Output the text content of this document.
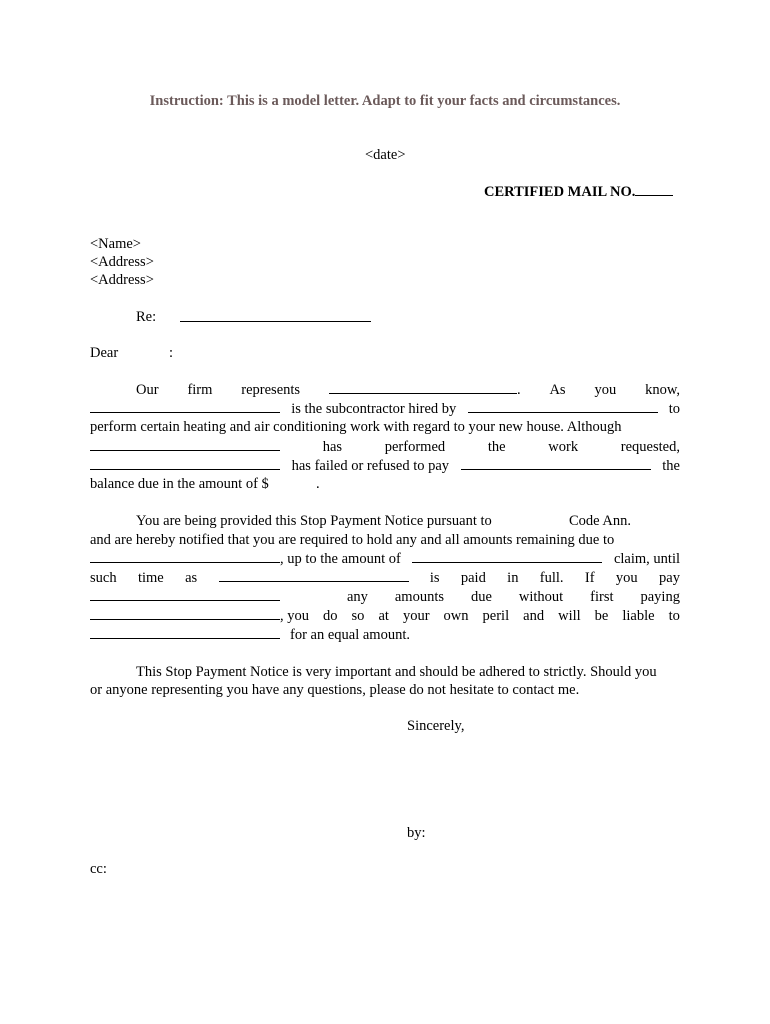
Instruction: This is a model letter. Adapt to fit your facts and circumstances.
<date>
CERTIFIED MAIL NO.
<Name>
<Address>
<Address>
Re:
Dear	:
Our firm represents	. As you know,
is the subcontractor hired by	to
perform certain heating and air conditioning work with regard to your new house. Although
has	performed	the	work	requested,
has failed or refused to pay	the
balance due in the amount of $	.
You are being provided this Stop Payment Notice pursuant to	Code Ann.
and are hereby notified that you are required to hold any and all amounts remaining due to
, up to the amount of	claim, until
such time as	is paid in full. If you pay
any amounts due without first paying
, you do so at your own peril and will be liable to
for an equal amount.
This Stop Payment Notice is very important and should be adhered to strictly. Should you
or anyone representing you have any questions, please do not hesitate to contact me.
Sincerely,
by:
cc:
